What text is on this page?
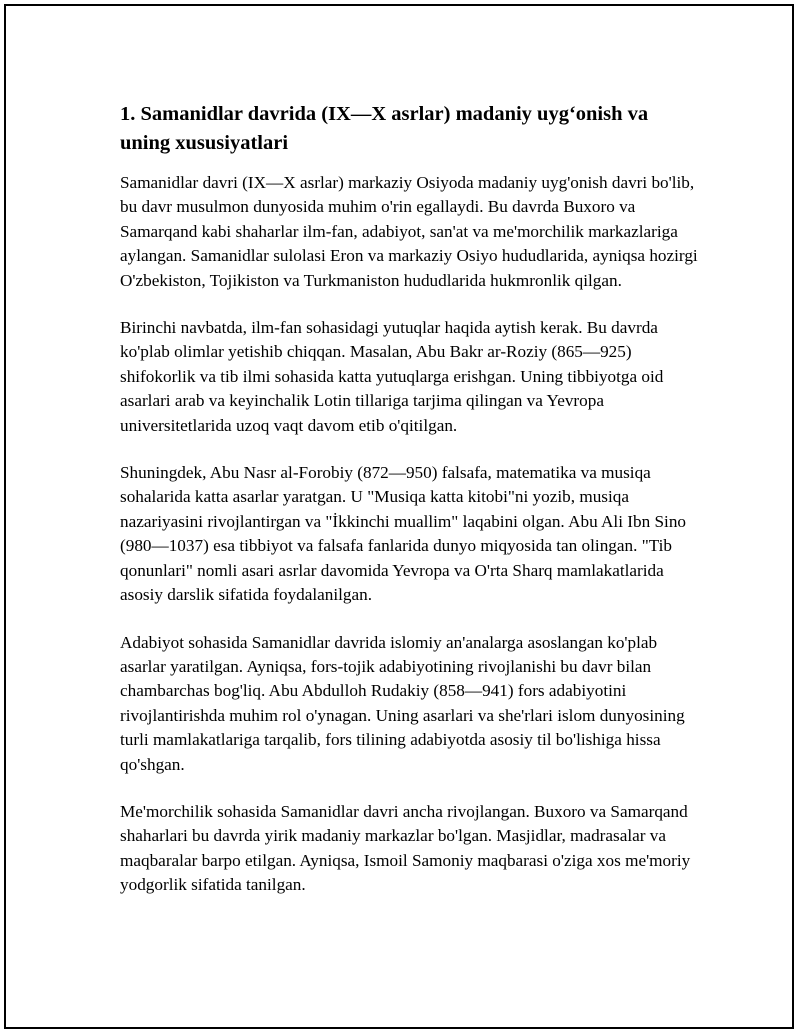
1. Samanidlar davrida (IX—X asrlar) madaniy uyg‘onish va uning xususiyatlari

Samanidlar davri (IX—X asrlar) markaziy Osiyoda madaniy uyg'onish davri bo'lib, bu davr musulmon dunyosida muhim o'rin egallaydi. Bu davrda Buxoro va Samarqand kabi shaharlar ilm-fan, adabiyot, san'at va me'morchilik markazlariga aylangan. Samanidlar sulolasi Eron va markaziy Osiyo hududlarida, ayniqsa hozirgi O'zbekiston, Tojikiston va Turkmaniston hududlarida hukmronlik qilgan.

Birinchi navbatda, ilm-fan sohasidagi yutuqlar haqida aytish kerak. Bu davrda ko'plab olimlar yetishib chiqqan. Masalan, Abu Bakr ar-Roziy (865—925) shifokorlik va tib ilmi sohasida katta yutuqlarga erishgan. Uning tibbiyotga oid asarlari arab va keyinchalik Lotin tillariga tarjima qilingan va Yevropa universitetlarida uzoq vaqt davom etib o'qitilgan.

Shuningdek, Abu Nasr al-Forobiy (872—950) falsafa, matematika va musiqa sohalarida katta asarlar yaratgan. U "Musiqa katta kitobi"ni yozib, musiqa nazariyasini rivojlantirgan va "İkkinchi muallim" laqabini olgan. Abu Ali Ibn Sino (980—1037) esa tibbiyot va falsafa fanlarida dunyo miqyosida tan olingan. "Tib qonunlari" nomli asari asrlar davomida Yevropa va O'rta Sharq mamlakatlarida asosiy darslik sifatida foydalanilgan.

Adabiyot sohasida Samanidlar davrida islomiy an'analarga asoslangan ko'plab asarlar yaratilgan. Ayniqsa, fors-tojik adabiyotining rivojlanishi bu davr bilan chambarchas bog'liq. Abu Abdulloh Rudakiy (858—941) fors adabiyotini rivojlantirishda muhim rol o'ynagan. Uning asarlari va she'rlari islom dunyosining turli mamlakatlariga tarqalib, fors tilining adabiyotda asosiy til bo'lishiga hissa qo'shgan.

Me'morchilik sohasida Samanidlar davri ancha rivojlangan. Buxoro va Samarqand shaharlari bu davrda yirik madaniy markazlar bo'lgan. Masjidlar, madrasalar va maqbaralar barpo etilgan. Ayniqsa, Ismoil Samoniy maqbarasi o'ziga xos me'moriy yodgorlik sifatida tanilgan.
